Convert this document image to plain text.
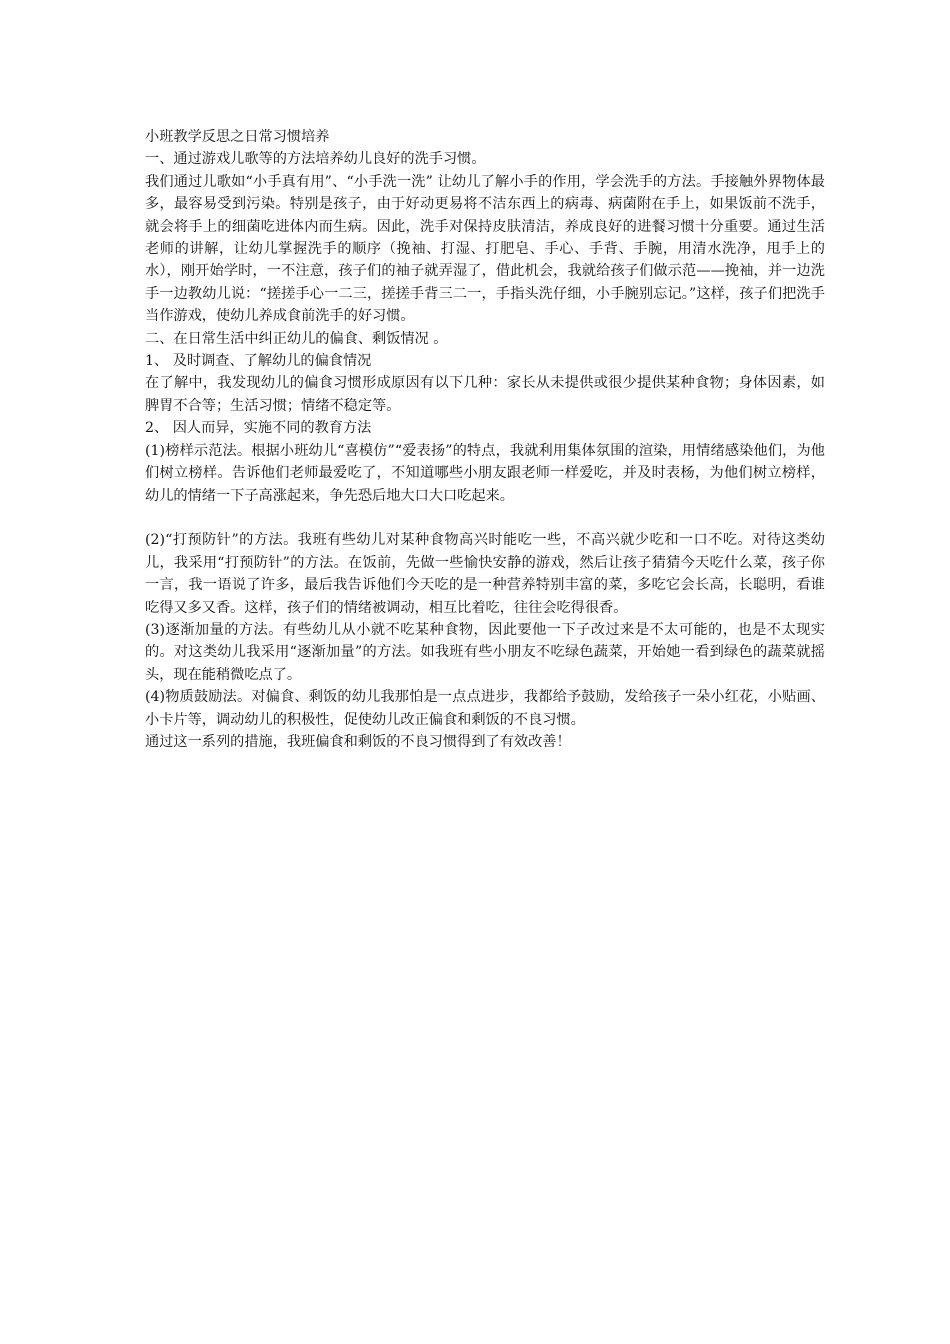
小班教学反思之日常习惯培养

一、通过游戏儿歌等的方法培养幼儿良好的洗手习惯。

我们通过儿歌如“小手真有用”、“小手洗一洗” 让幼儿了解小手的作用，学会洗手的方法。手接触外界物体最多，最容易受到污染。特别是孩子，由于好动更易将不洁东西上的病毒、病菌附在手上，如果饭前不洗手，就会将手上的细菌吃进体内而生病。因此，洗手对保持皮肤清洁，养成良好的进餐习惯十分重要。通过生活老师的讲解，让幼儿掌握洗手的顺序（挽袖、打湿、打肥皂、手心、手背、手腕，用清水洗净，甩手上的水），刚开始学时，一不注意，孩子们的袖子就弄湿了，借此机会，我就给孩子们做示范——挽袖，并一边洗手一边教幼儿说：“搓搓手心一二三，搓搓手背三二一，手指头洗仔细，小手腕别忘记。”这样，孩子们把洗手当作游戏，使幼儿养成食前洗手的好习惯。

二、在日常生活中纠正幼儿的偏食、剩饭情况 。

1、 及时调查、了解幼儿的偏食情况

在了解中，我发现幼儿的偏食习惯形成原因有以下几种：家长从未提供或很少提供某种食物；身体因素，如脾胃不合等；生活习惯；情绪不稳定等。

2、 因人而异，实施不同的教育方法

(1)榜样示范法。根据小班幼儿“喜模仿”“爱表扬”的特点，我就利用集体氛围的渲染，用情绪感染他们，为他们树立榜样。告诉他们老师最爱吃了，不知道哪些小朋友跟老师一样爱吃，并及时表杨，为他们树立榜样，幼儿的情绪一下子高涨起来，争先恐后地大口大口吃起来。

(2)“打预防针”的方法。我班有些幼儿对某种食物高兴时能吃一些，不高兴就少吃和一口不吃。对待这类幼儿，我采用“打预防针”的方法。在饭前，先做一些愉快安静的游戏，然后让孩子猜猜今天吃什么菜，孩子你一言，我一语说了许多，最后我告诉他们今天吃的是一种营养特别丰富的菜，多吃它会长高，长聪明，看谁吃得又多又香。这样，孩子们的情绪被调动，相互比着吃，往往会吃得很香。

(3)逐渐加量的方法。有些幼儿从小就不吃某种食物，因此要他一下子改过来是不太可能的，也是不太现实的。对这类幼儿我采用“逐渐加量”的方法。如我班有些小朋友不吃绿色蔬菜，开始她一看到绿色的蔬菜就摇头，现在能稍微吃点了。

(4)物质鼓励法。对偏食、剩饭的幼儿我那怕是一点点进步，我都给予鼓励，发给孩子一朵小红花，小贴画、小卡片等，调动幼儿的积极性，促使幼儿改正偏食和剩饭的不良习惯。

通过这一系列的措施，我班偏食和剩饭的不良习惯得到了有效改善！
